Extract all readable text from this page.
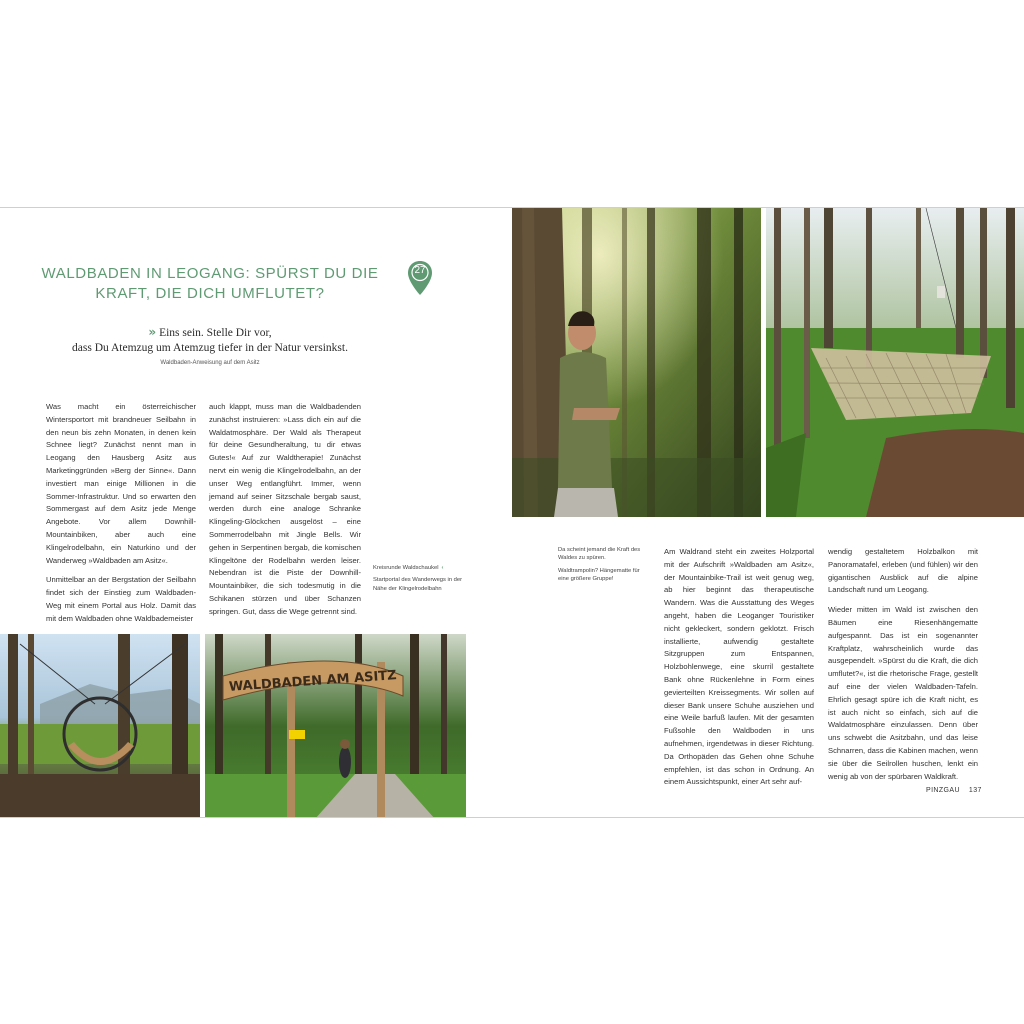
WALDBADEN IN LEOGANG: SPÜRST DU DIE KRAFT, DIE DICH UMFLUTET?
27
» Eins sein. Stelle Dir vor,
dass Du Atemzug um Atemzug tiefer in der Natur versinkst.
Waldbaden-Anweisung auf dem Asitz

Was macht ein österreichischer Wintersportort mit brandneuer Seilbahn in den neun bis zehn Monaten, in denen kein Schnee liegt? Zunächst nennt man in Leogang den Hausberg Asitz aus Marketinggründen »Berg der Sinne«. Dann investiert man einige Millionen in die Sommer-Infrastruktur. Und so erwarten den Sommergast auf dem Asitz jede Menge Angebote. Vor allem Downhill-Mountainbiken, aber auch eine Klingelrodelbahn, ein Naturkino und der Wanderweg »Waldbaden am Asitz«.

Unmittelbar an der Bergstation der Seilbahn findet sich der Einstieg zum Waldbaden-Weg mit einem Portal aus Holz. Damit das mit dem Waldbaden ohne Waldbademeister

auch klappt, muss man die Waldbadenden zunächst instruieren: »Lass dich ein auf die Waldatmosphäre. Der Wald als Therapeut für deine Gesundheraltung, tu dir etwas Gutes!« Auf zur Waldtherapie! Zunächst nervt ein wenig die Klingelrodelbahn, an der unser Weg entlangführt. Immer, wenn jemand auf seiner Sitzschale bergab saust, werden durch eine analoge Schranke Klingeling-Glöckchen ausgelöst – eine Sommerrodelbahn mit Jingle Bells. Wir gehen in Serpentinen bergab, die komischen Klingeltöne der Rodelbahn werden leiser. Nebendran ist die Piste der Downhill-Mountainbiker, die sich todesmutig in die Schikanen stürzen und über Schanzen springen. Gut, dass die Wege getrennt sind.

Am Waldrand steht ein zweites Holzportal mit der Aufschrift »Waldbaden am Asitz«, der Mountainbike-Trail ist weit genug weg, ab hier beginnt das therapeutische Wandern. Was die Ausstattung des Weges angeht, haben die Leoganger Touristiker nicht gekleckert, sondern geklotzt. Frisch installierte, aufwendig gestaltete Sitzgruppen zum Entspannen, Holzbohlenwege, eine skurril gestaltete Bank ohne Rückenlehne in Form eines gevierteilten Kreissegments. Wir sollen auf dieser Bank unsere Schuhe ausziehen und eine Weile barfuß laufen. Mit der gesamten Fußsohle den Waldboden in uns aufnehmen, irgendetwas in dieser Richtung. Da Orthopäden das Gehen ohne Schuhe empfehlen, ist das schon in Ordnung. An einem Aussichtspunkt, einer Art sehr auf-

wendig gestaltetem Holzbalkon mit Panoramatafel, erleben (und fühlen) wir den gigantischen Ausblick auf die alpine Landschaft rund um Leogang.

Wieder mitten im Wald ist zwischen den Bäumen eine Riesenhängematte aufgespannt. Das ist ein sogenannter Kraftplatz, wahrscheinlich wurde das ausgependelt. »Spürst du die Kraft, die dich umflutet?«, ist die rhetorische Frage, gestellt auf eine der vielen Waldbaden-Tafeln. Ehrlich gesagt spüre ich die Kraft nicht, es ist auch nicht so einfach, sich auf die Waldatmosphäre einzulassen. Denn über uns schwebt die Asitzbahn, und das leise Schnarren, dass die Kabinen machen, wenn sie über die Seilrollen huschen, lenkt ein wenig ab von der spürbaren Waldkraft.

Kreisrunde Waldschaukel ‹

Startportal des Wanderwegs in der Nähe der Klingelrodelbahn

Da scheint jemand die Kraft des Waldes zu spüren.

Waldtrampolin? Hängematte für eine größere Gruppe!

WALDBADEN AM ASITZ
PINZGAU 137
